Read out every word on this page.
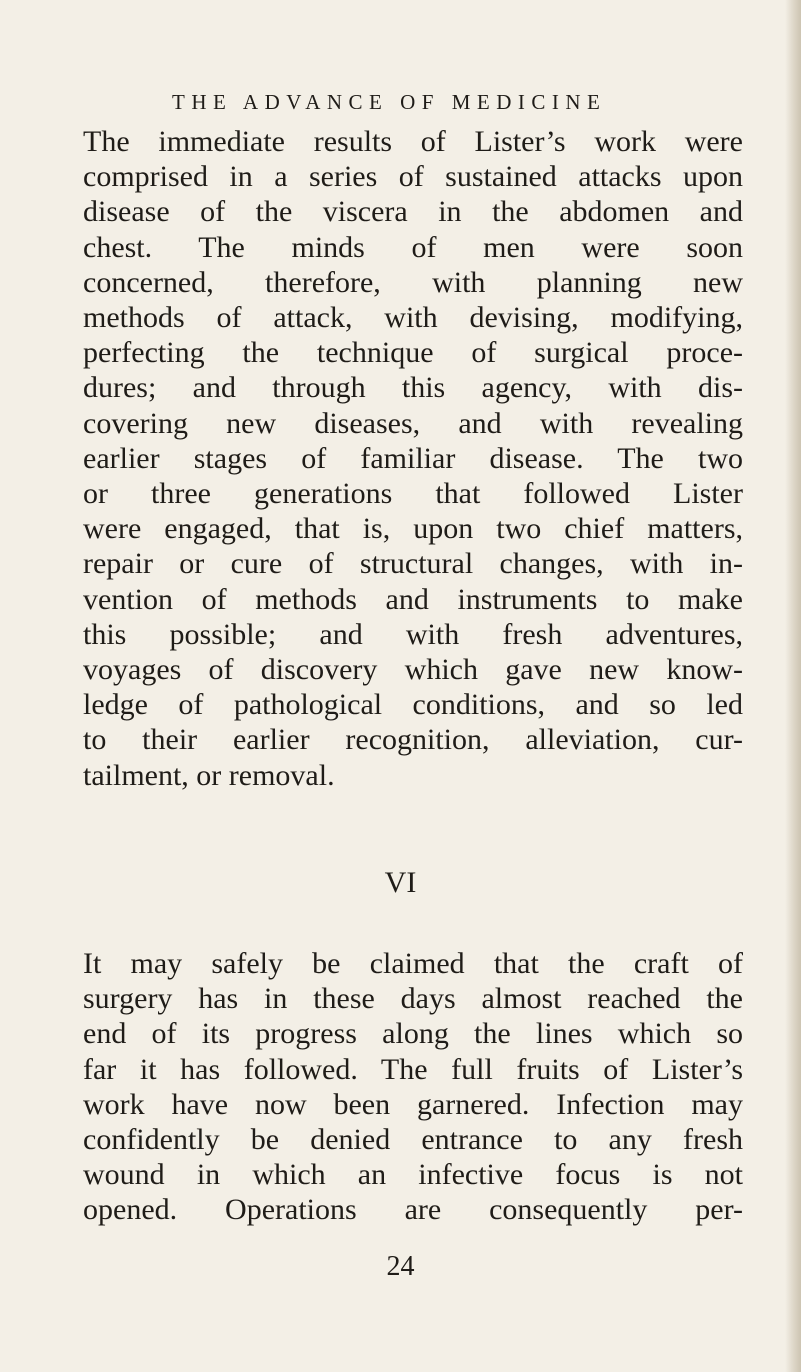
THE ADVANCE OF MEDICINE

The immediate results of Lister’s work were
comprised in a series of sustained attacks upon
disease of the viscera in the abdomen and
chest. The minds of men were soon
concerned, therefore, with planning new
methods of attack, with devising, modifying,
perfecting the technique of surgical proce-
dures; and through this agency, with dis-
covering new diseases, and with revealing
earlier stages of familiar disease. The two
or three generations that followed Lister
were engaged, that is, upon two chief matters,
repair or cure of structural changes, with in-
vention of methods and instruments to make
this possible; and with fresh adventures,
voyages of discovery which gave new know-
ledge of pathological conditions, and so led
to their earlier recognition, alleviation, cur-
tailment, or removal.

VI

It may safely be claimed that the craft of
surgery has in these days almost reached the
end of its progress along the lines which so
far it has followed. The full fruits of Lister’s
work have now been garnered. Infection may
confidently be denied entrance to any fresh
wound in which an infective focus is not
opened. Operations are consequently per-

24
